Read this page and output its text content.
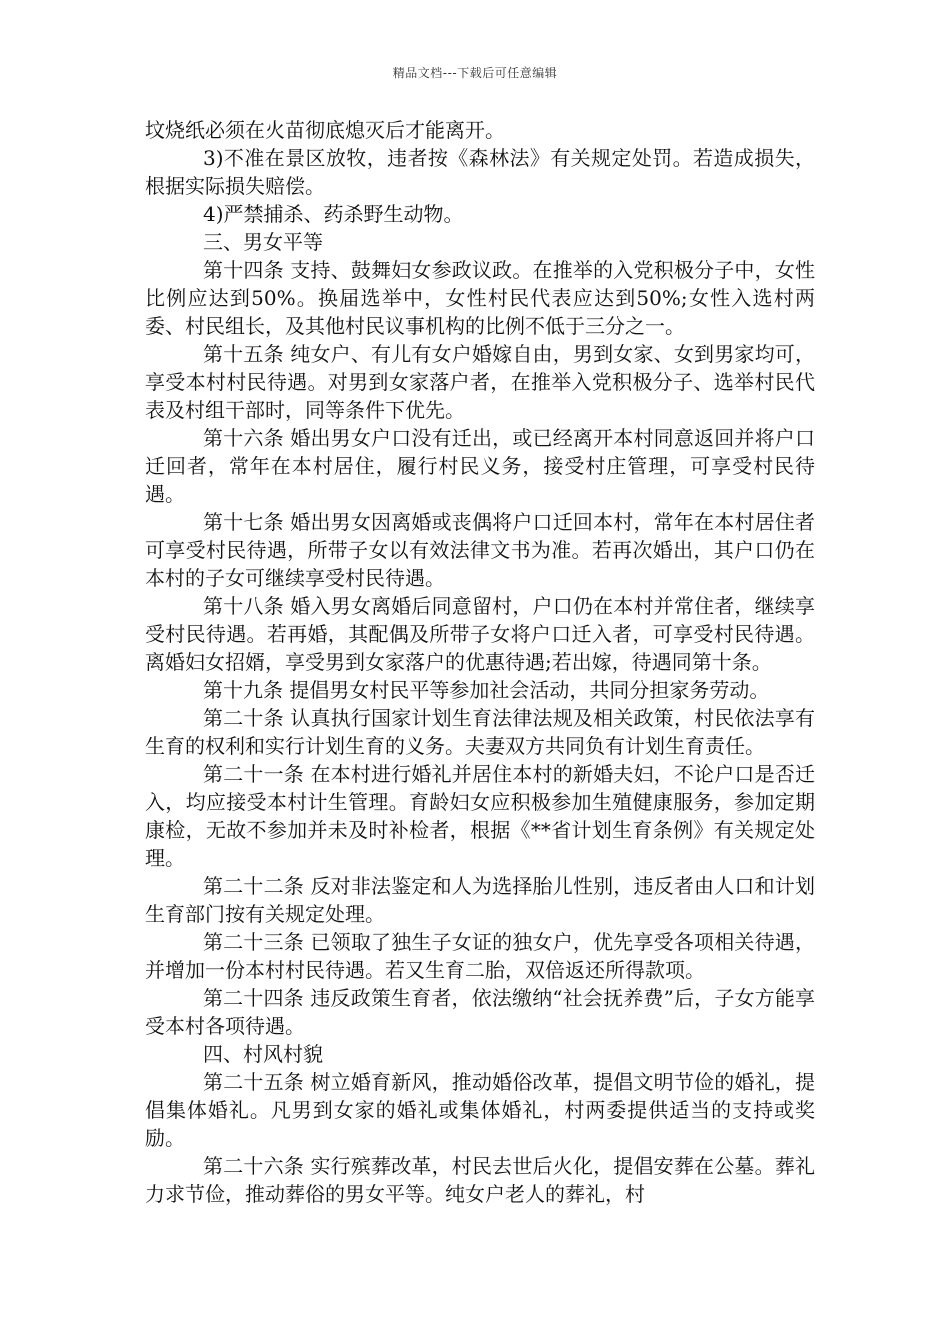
精品文档---下载后可任意编辑

坟烧纸必须在火苗彻底熄灭后才能离开。

3)不准在景区放牧，违者按《森林法》有关规定处罚。若造成损失，根据实际损失赔偿。

4)严禁捕杀、药杀野生动物。

三、男女平等

第十四条 支持、鼓舞妇女参政议政。在推举的入党积极分子中，女性比例应达到50%。换届选举中，女性村民代表应达到50%;女性入选村两委、村民组长，及其他村民议事机构的比例不低于三分之一。

第十五条 纯女户、有儿有女户婚嫁自由，男到女家、女到男家均可，享受本村村民待遇。对男到女家落户者，在推举入党积极分子、选举村民代表及村组干部时，同等条件下优先。

第十六条 婚出男女户口没有迁出，或已经离开本村同意返回并将户口迁回者，常年在本村居住，履行村民义务，接受村庄管理，可享受村民待遇。

第十七条 婚出男女因离婚或丧偶将户口迁回本村，常年在本村居住者可享受村民待遇，所带子女以有效法律文书为准。若再次婚出，其户口仍在本村的子女可继续享受村民待遇。

第十八条 婚入男女离婚后同意留村，户口仍在本村并常住者，继续享受村民待遇。若再婚，其配偶及所带子女将户口迁入者，可享受村民待遇。离婚妇女招婿，享受男到女家落户的优惠待遇;若出嫁，待遇同第十条。

第十九条 提倡男女村民平等参加社会活动，共同分担家务劳动。

第二十条 认真执行国家计划生育法律法规及相关政策，村民依法享有生育的权利和实行计划生育的义务。夫妻双方共同负有计划生育责任。

第二十一条 在本村进行婚礼并居住本村的新婚夫妇，不论户口是否迁入，均应接受本村计生管理。育龄妇女应积极参加生殖健康服务，参加定期康检，无故不参加并未及时补检者，根据《**省计划生育条例》有关规定处理。

第二十二条 反对非法鉴定和人为选择胎儿性别，违反者由人口和计划生育部门按有关规定处理。

第二十三条 已领取了独生子女证的独女户，优先享受各项相关待遇，并增加一份本村村民待遇。若又生育二胎，双倍返还所得款项。

第二十四条 违反政策生育者，依法缴纳“社会抚养费”后，子女方能享受本村各项待遇。

四、村风村貌

第二十五条 树立婚育新风，推动婚俗改革，提倡文明节俭的婚礼，提倡集体婚礼。凡男到女家的婚礼或集体婚礼，村两委提供适当的支持或奖励。

第二十六条 实行殡葬改革，村民去世后火化，提倡安葬在公墓。葬礼力求节俭，推动葬俗的男女平等。纯女户老人的葬礼，村
